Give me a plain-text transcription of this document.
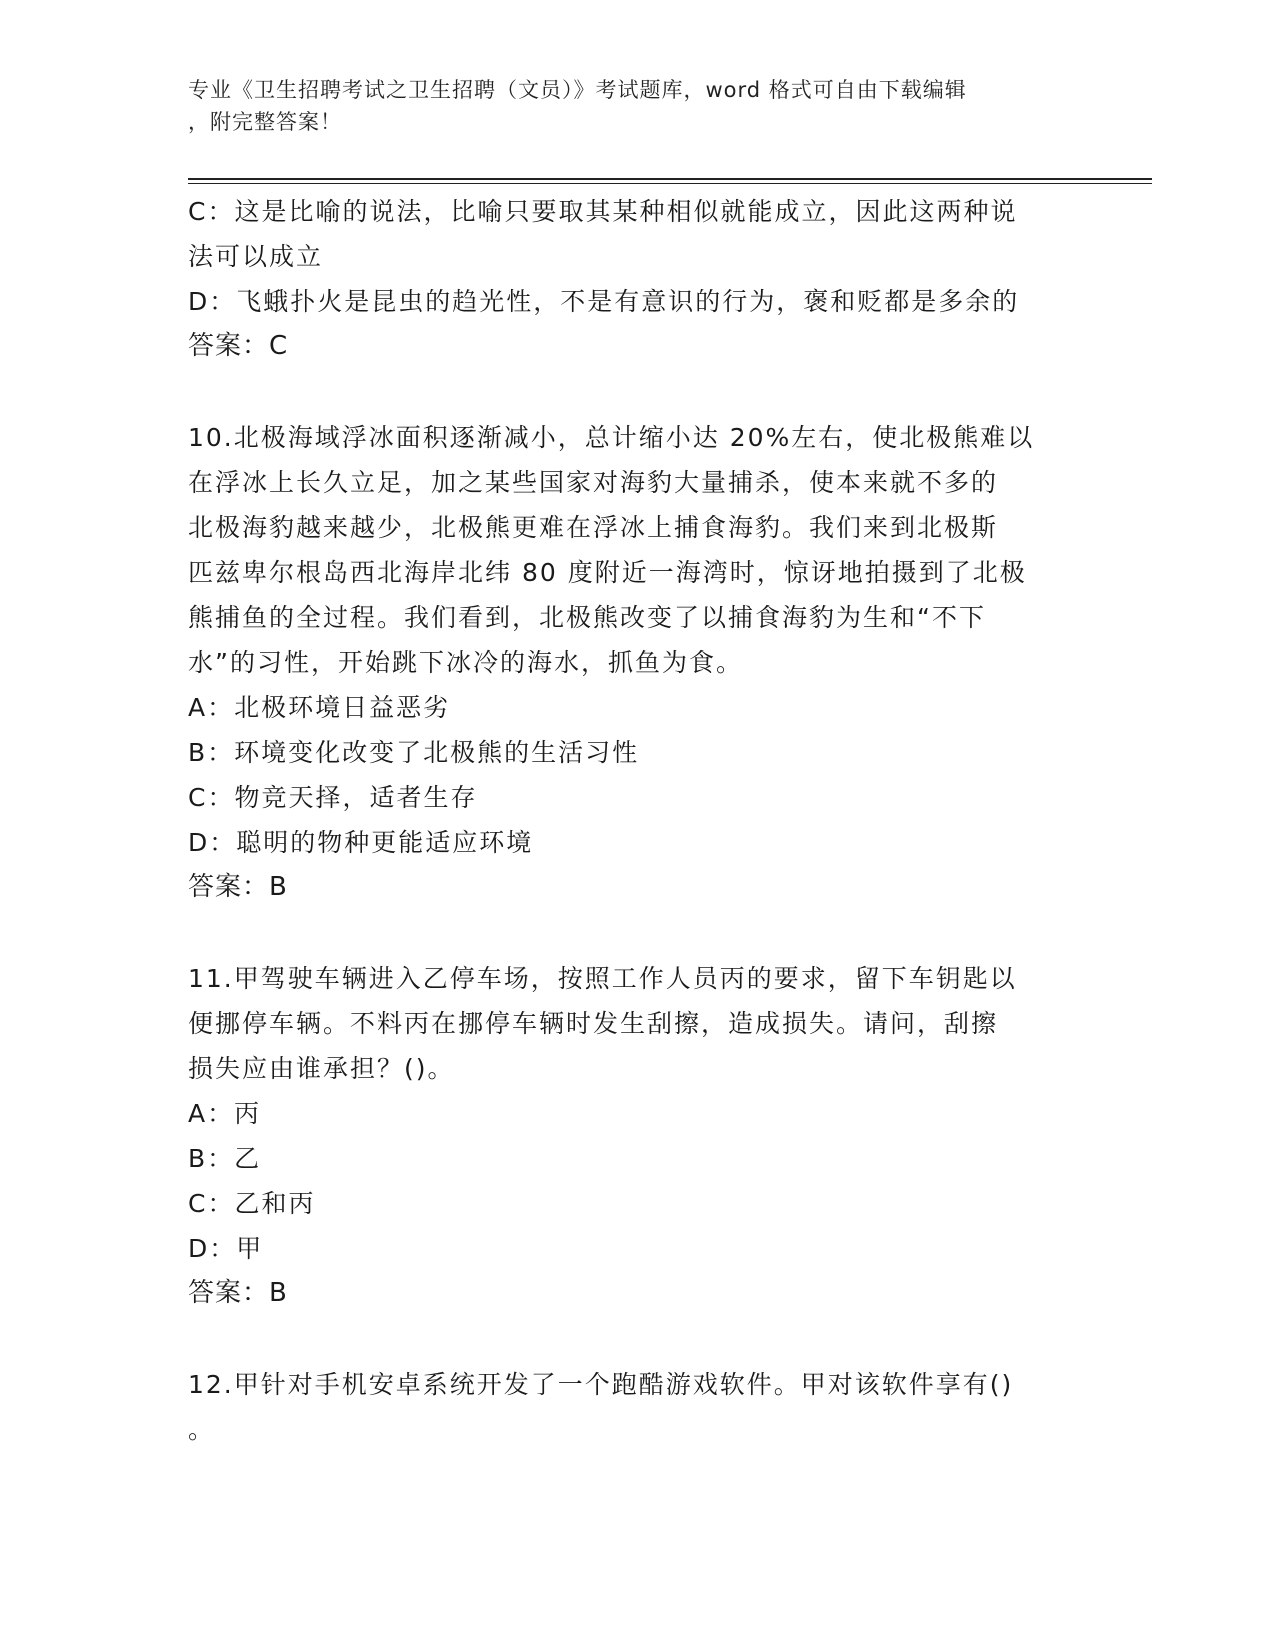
专业《卫生招聘考试之卫生招聘（文员）》考试题库，word 格式可自由下载编辑
，附完整答案！
C：这是比喻的说法，比喻只要取其某种相似就能成立，因此这两种说
法可以成立
D：飞蛾扑火是昆虫的趋光性，不是有意识的行为，褒和贬都是多余的
答案：C
10.北极海域浮冰面积逐渐减小，总计缩小达 20%左右，使北极熊难以
在浮冰上长久立足，加之某些国家对海豹大量捕杀，使本来就不多的
北极海豹越来越少，北极熊更难在浮冰上捕食海豹。我们来到北极斯
匹兹卑尔根岛西北海岸北纬 80 度附近一海湾时，惊讶地拍摄到了北极
熊捕鱼的全过程。我们看到，北极熊改变了以捕食海豹为生和“不下
水”的习性，开始跳下冰冷的海水，抓鱼为食。
A：北极环境日益恶劣
B：环境变化改变了北极熊的生活习性
C：物竞天择，适者生存
D：聪明的物种更能适应环境
答案：B
11.甲驾驶车辆进入乙停车场，按照工作人员丙的要求，留下车钥匙以
便挪停车辆。不料丙在挪停车辆时发生刮擦，造成损失。请问，刮擦
损失应由谁承担？()。
A：丙
B：乙
C：乙和丙
D：甲
答案：B
12.甲针对手机安卓系统开发了一个跑酷游戏软件。甲对该软件享有()
。
